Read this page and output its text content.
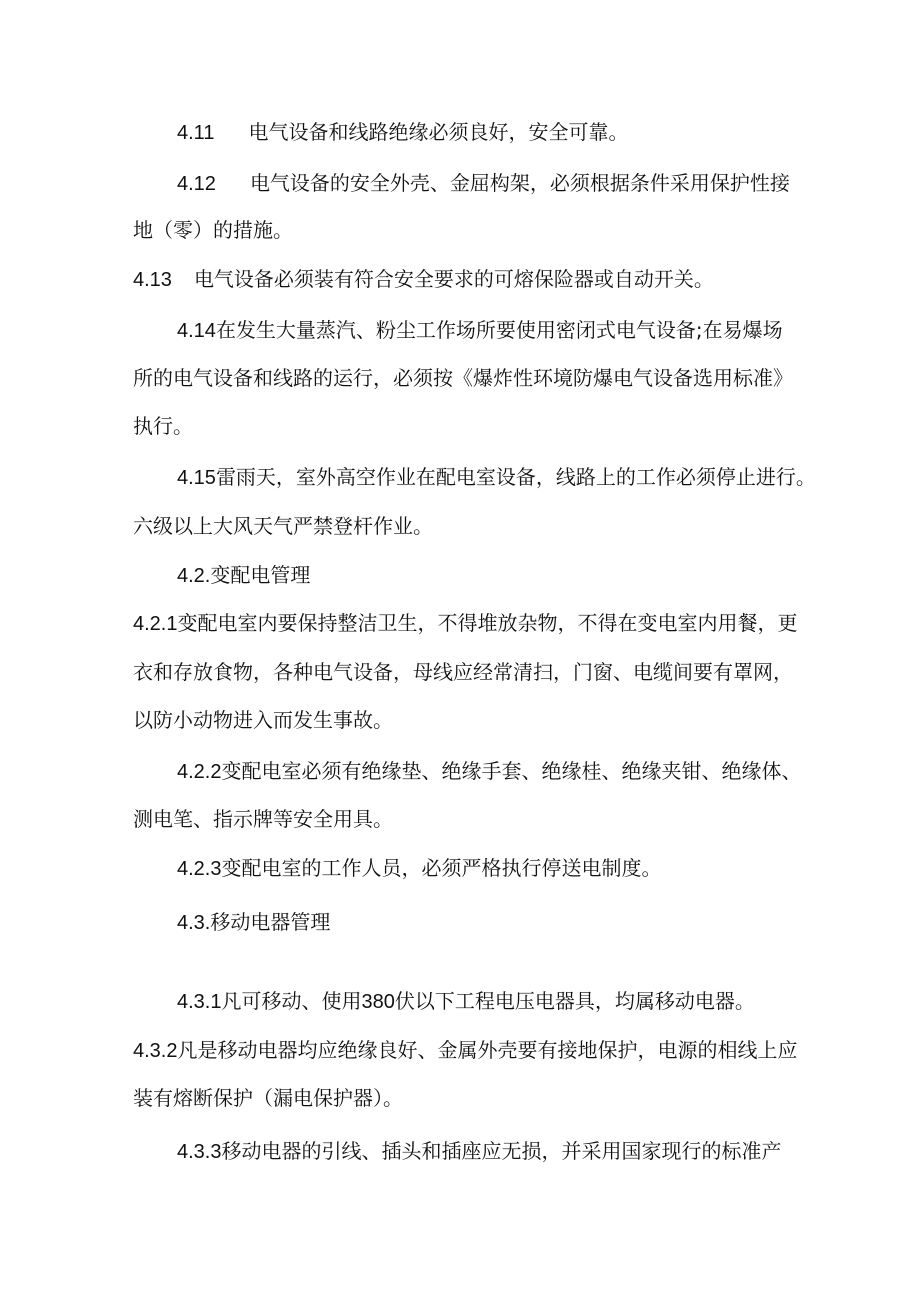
4.11 电气设备和线路绝缘必须良好，安全可靠。
4.12 电气设备的安全外壳、金屈构架，必须根据条件采用保护性接
地（零）的措施。
4.13 电气设备必须装有符合安全要求的可熔保险器或自动开关。
4.14在发生大量蒸汽、粉尘工作场所要使用密闭式电气设备;在易爆场
所的电气设备和线路的运行，必须按《爆炸性环境防爆电气设备选用标准》
执行。
4.15雷雨天，室外高空作业在配电室设备，线路上的工作必须停止进行。
六级以上大风天气严禁登杆作业。
4.2.变配电管理
4.2.1变配电室内要保持整洁卫生，不得堆放杂物，不得在变电室内用餐，更
衣和存放食物，各种电气设备，母线应经常清扫，门窗、电缆间要有罩网，
以防小动物进入而发生事故。
4.2.2变配电室必须有绝缘垫、绝缘手套、绝缘桂、绝缘夹钳、绝缘体、
测电笔、指示牌等安全用具。
4.2.3变配电室的工作人员，必须严格执行停送电制度。
4.3.移动电器管理
4.3.1凡可移动、使用380伏以下工程电压电器具，均属移动电器。
4.3.2凡是移动电器均应绝缘良好、金属外壳要有接地保护，电源的相线上应
装有熔断保护（漏电保护器）。
4.3.3移动电器的引线、插头和插座应无损，并采用国家现行的标准产
